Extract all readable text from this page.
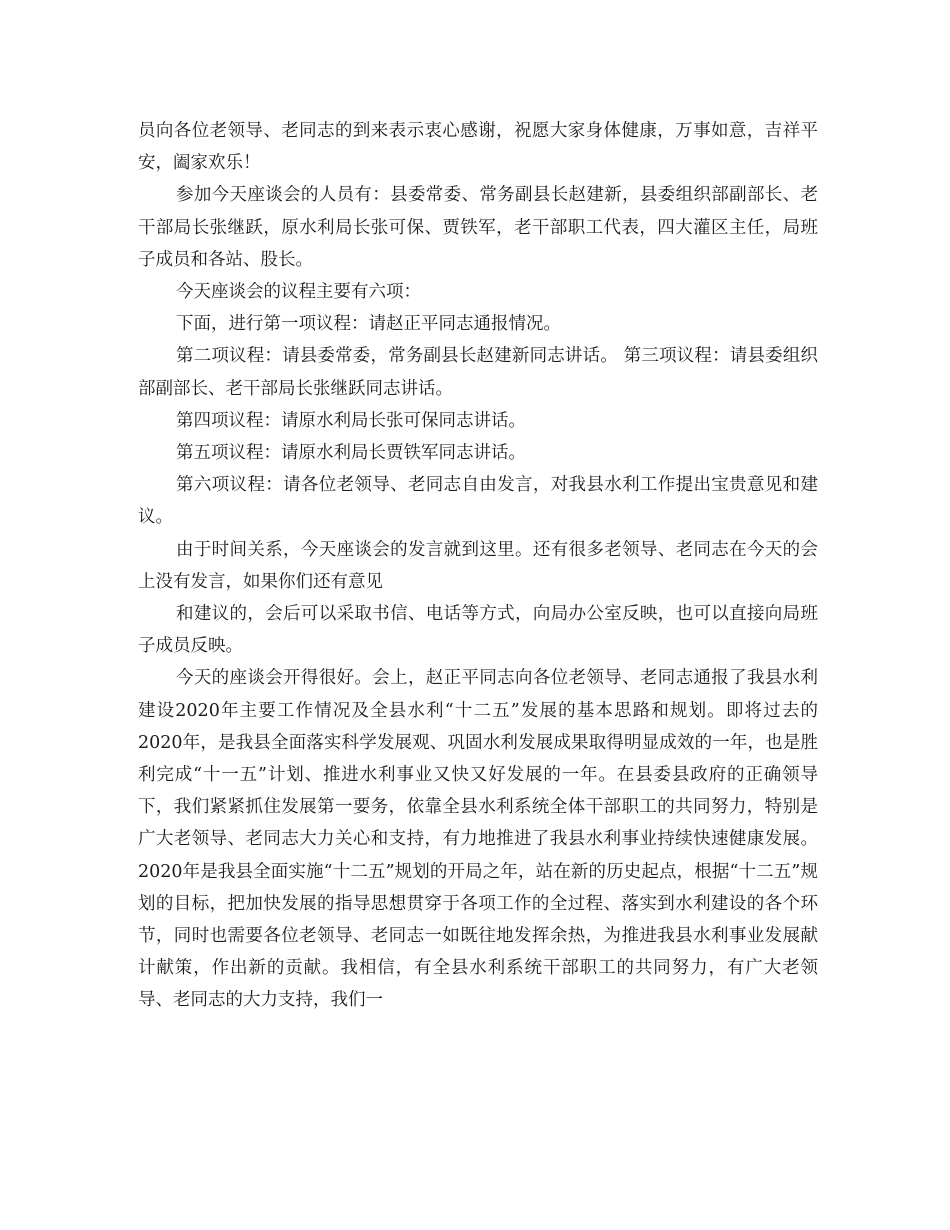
员向各位老领导、老同志的到来表示衷心感谢，祝愿大家身体健康，万事如意，吉祥平安，阖家欢乐！

参加今天座谈会的人员有：县委常委、常务副县长赵建新，县委组织部副部长、老干部局长张继跃，原水利局长张可保、贾铁军，老干部职工代表，四大灌区主任，局班子成员和各站、股长。

今天座谈会的议程主要有六项：

下面，进行第一项议程：请赵正平同志通报情况。

第二项议程：请县委常委，常务副县长赵建新同志讲话。 第三项议程：请县委组织部副部长、老干部局长张继跃同志讲话。

第四项议程：请原水利局长张可保同志讲话。

第五项议程：请原水利局长贾铁军同志讲话。

第六项议程：请各位老领导、老同志自由发言，对我县水利工作提出宝贵意见和建议。

由于时间关系，今天座谈会的发言就到这里。还有很多老领导、老同志在今天的会上没有发言，如果你们还有意见

和建议的，会后可以采取书信、电话等方式，向局办公室反映，也可以直接向局班子成员反映。

今天的座谈会开得很好。会上，赵正平同志向各位老领导、老同志通报了我县水利建设2020年主要工作情况及全县水利“十二五”发展的基本思路和规划。即将过去的2020年，是我县全面落实科学发展观、巩固水利发展成果取得明显成效的一年，也是胜利完成“十一五”计划、推进水利事业又快又好发展的一年。在县委县政府的正确领导下，我们紧紧抓住发展第一要务，依靠全县水利系统全体干部职工的共同努力，特别是广大老领导、老同志大力关心和支持，有力地推进了我县水利事业持续快速健康发展。2020年是我县全面实施“十二五”规划的开局之年，站在新的历史起点，根据“十二五”规划的目标，把加快发展的指导思想贯穿于各项工作的全过程、落实到水利建设的各个环节，同时也需要各位老领导、老同志一如既往地发挥余热，为推进我县水利事业发展献计献策，作出新的贡献。我相信，有全县水利系统干部职工的共同努力，有广大老领导、老同志的大力支持，我们一
